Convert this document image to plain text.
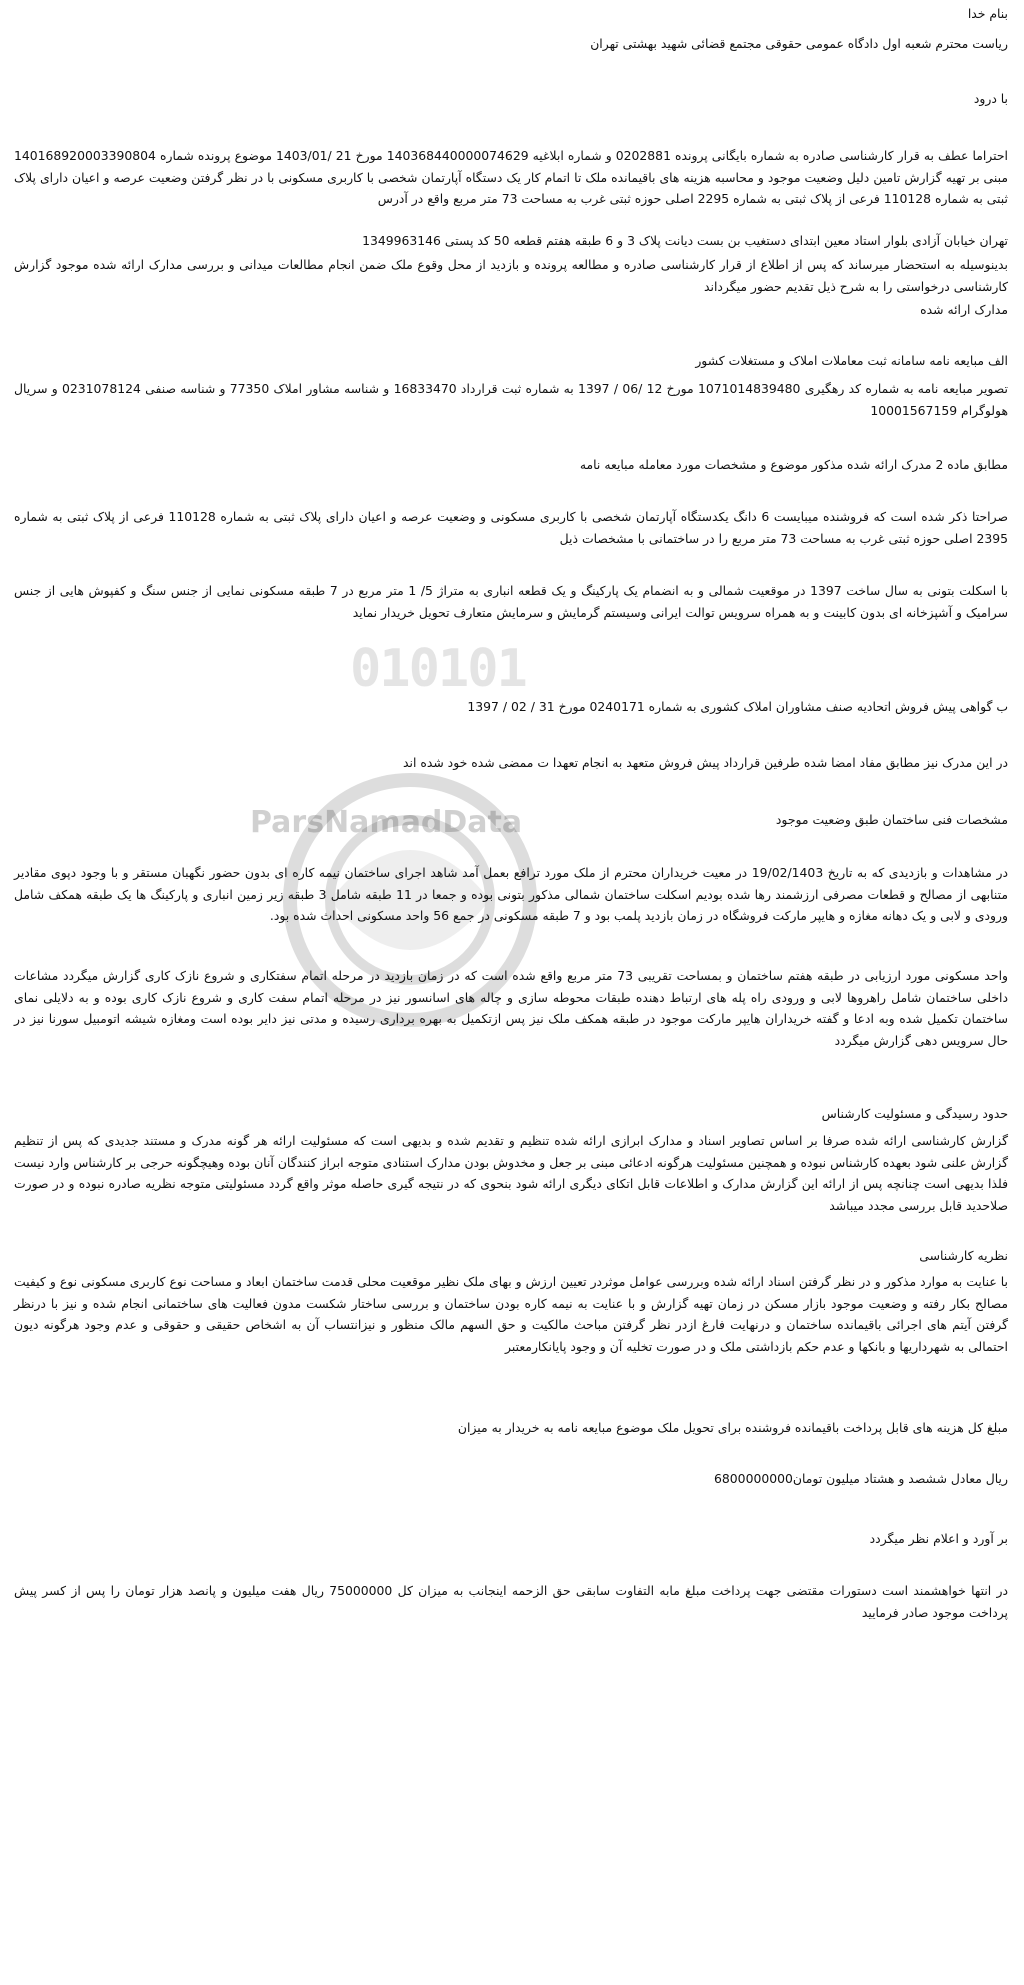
010101
ParsNamadData
بنام خدا
ریاست محترم شعبه اول دادگاه عمومی حقوقی مجتمع قضائی شهید بهشتی تهران
با درود
احتراما عطف به قرار کارشناسی صادره به شماره بایگانی پرونده 0202881 و شماره ابلاغیه 140368440000074629 مورخ 21 /1403/01 موضوع پرونده شماره 140168920003390804 مبنی بر تهیه گزارش تامین دلیل وضعیت موجود و محاسبه هزینه های باقیمانده ملک تا اتمام کار یک دستگاه آپارتمان شخصی با کاربری مسکونی با در نظر گرفتن وضعیت عرصه و اعیان دارای پلاک ثبتی به شماره 110128 فرعی از پلاک ثبتی به شماره 2295 اصلی حوزه ثبتی غرب به مساحت 73 متر مربع واقع در آدرس
تهران خیابان آزادی بلوار استاد معین ابتدای دستغیب بن بست دیانت پلاک 3 و 6 طبقه هفتم قطعه 50 کد پستی 1349963146
بدینوسیله به استحضار میرساند که پس از اطلاع از قرار کارشناسی صادره و مطالعه پرونده و بازدید از محل وقوع ملک ضمن انجام مطالعات میدانی و بررسی مدارک ارائه شده موجود گزارش کارشناسی درخواستی را به شرح ذیل تقدیم حضور میگرداند
مدارک ارائه شده
الف مبایعه نامه سامانه ثبت معاملات املاک و مستغلات کشور
تصویر مبایعه نامه به شماره کد رهگیری 1071014839480 مورخ 12 /06 / 1397 به شماره ثبت قرارداد 16833470 و شناسه مشاور املاک 77350 و شناسه صنفی 0231078124 و سریال هولوگرام 10001567159
مطابق ماده 2 مدرک ارائه شده مذکور موضوع و مشخصات مورد معامله مبایعه نامه
صراحتا ذکر شده است که فروشنده میبایست 6 دانگ یکدستگاه آپارتمان شخصی با کاربری مسکونی و وضعیت عرصه و اعیان دارای پلاک ثبتی به شماره 110128 فرعی از پلاک ثبتی به شماره 2395 اصلی حوزه ثبتی غرب به مساحت 73 متر مربع را در ساختمانی با مشخصات ذیل
با اسکلت بتونی به سال ساخت 1397 در موقعیت شمالی و به انضمام یک پارکینگ و یک قطعه انباری به متراژ 5/ 1 متر مربع در 7 طبقه مسکونی نمایی از جنس سنگ و کفپوش هایی از جنس سرامیک و آشپزخانه ای بدون کابینت و به همراه سرویس توالت ایرانی وسیستم گرمایش و سرمایش متعارف تحویل خریدار نماید
ب گواهی پیش فروش اتحادیه صنف مشاوران املاک کشوری به شماره 0240171 مورخ 31 / 02 / 1397
در این مدرک نیز مطابق مفاد امضا شده طرفین قرارداد پیش فروش متعهد به انجام تعهدا ت ممضی شده خود شده اند
مشخصات فنی ساختمان طبق وضعیت موجود
در مشاهدات و بازدیدی که به تاریخ 19/02/1403 در معیت خریداران محترم از ملک مورد ترافع بعمل آمد شاهد اجرای ساختمان نیمه کاره ای بدون حضور نگهبان مستقر و با وجود دپوی مقادیر متنابهی از مصالح و قطعات مصرفی ارزشمند رها شده بودیم اسکلت ساختمان شمالی مذکور بتونی بوده و جمعا در 11 طبقه شامل 3 طبقه زیر زمین انباری و پارکینگ ها یک طبقه همکف شامل ورودی و لابی و یک دهانه مغازه و هایپر مارکت فروشگاه در زمان بازدید پلمب بود و 7 طبقه مسکونی در جمع 56 واحد مسکونی احداث شده بود.
واحد مسکونی مورد ارزیابی در طبقه هفتم ساختمان و بمساحت تقریبی 73 متر مربع واقع شده است که در زمان بازدید در مرحله اتمام سفتکاری و شروع نازک کاری گزارش میگردد مشاعات داخلی ساختمان شامل راهروها لابی و ورودی راه پله های ارتباط دهنده طبقات محوطه سازی و چاله های اسانسور نیز در مرحله اتمام سفت کاری و شروع نازک کاری بوده و به دلایلی نمای ساختمان تکمیل شده وبه ادعا و گفته خریداران هایپر مارکت موجود در طبقه همکف ملک نیز پس ازتکمیل به بهره برداری رسیده و مدتی نیز دایر بوده است ومغازه شیشه اتومبیل سورنا نیز در حال سرویس دهی گزارش میگردد
حدود رسیدگی و مسئولیت کارشناس
گزارش کارشناسی ارائه شده صرفا بر اساس تصاویر اسناد و مدارک ابرازی ارائه شده تنظیم و تقدیم شده و بدیهی است که مسئولیت ارائه هر گونه مدرک و مستند جدیدی که پس از تنظیم گزارش علنی شود بعهده کارشناس نبوده و همچنین مسئولیت هرگونه ادعائی مبنی بر جعل و مخدوش بودن مدارک استنادی متوجه ابراز کنندگان آنان بوده وهیچگونه حرجی بر کارشناس وارد نیست فلذا بدیهی است چنانچه پس از ارائه این گزارش مدارک و اطلاعات قابل اتکای دیگری ارائه شود بنحوی که در نتیجه گیری حاصله موثر واقع گردد مسئولیتی متوجه نظریه صادره نبوده و در صورت صلاحدید قابل بررسی مجدد میباشد
نظریه کارشناسی
با عنایت به موارد مذکور و در نظر گرفتن اسناد ارائه شده وبررسی عوامل موثردر تعیین ارزش و بهای ملک نظیر موقعیت محلی قدمت ساختمان ابعاد و مساحت نوع کاربری مسکونی نوع و کیفیت مصالح بکار رفته و وضعیت موجود بازار مسکن در زمان تهیه گزارش و با عنایت به نیمه کاره بودن ساختمان و بررسی ساختار شکست مدون فعالیت های ساختمانی انجام شده و نیز با درنظر گرفتن آیتم های اجرائی باقیمانده ساختمان و درنهایت فارغ ازدر نظر گرفتن مباحث مالکیت و حق السهم مالک منظور و نیزانتساب آن به اشخاص حقیقی و حقوقی و عدم وجود هرگونه دیون احتمالی به شهرداریها و بانکها و عدم حکم بازداشتی ملک و در صورت تخلیه آن و وجود پایانکارمعتبر
مبلغ کل هزینه های قابل پرداخت باقیمانده فروشنده برای تحویل ملک موضوع مبایعه نامه به خریدار به میزان
ریال معادل ششصد و هشتاد میلیون تومان6800000000
بر آورد و اعلام نظر میگردد
در انتها خواهشمند است دستورات مقتضی جهت پرداخت مبلغ مابه التفاوت سابقی حق الزحمه اینجانب به میزان کل 75000000 ریال هفت میلیون و پانصد هزار تومان را پس از کسر پیش پرداخت موجود صادر فرمایید
